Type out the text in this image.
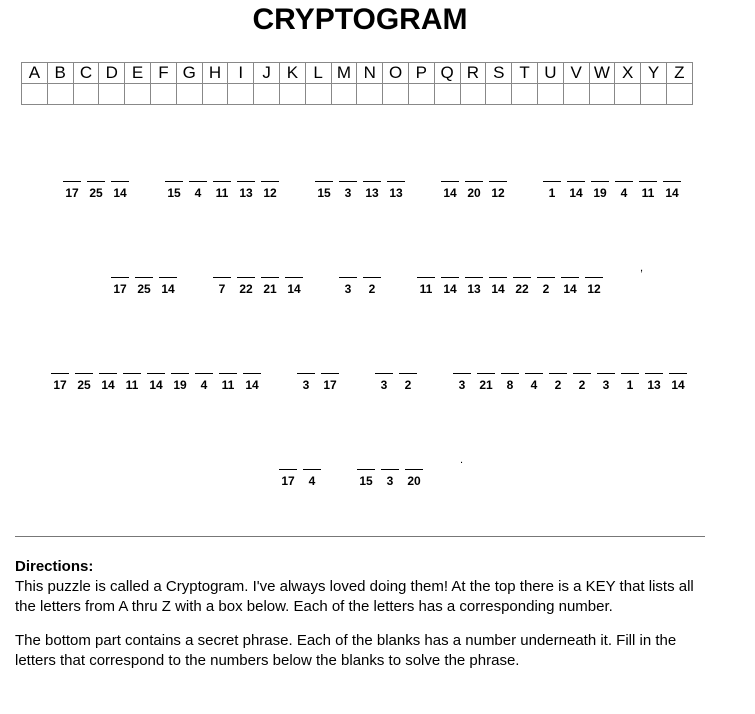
CRYPTOGRAM
A	B	C	D	E	F	G	H	I	J	K	L	M	N	O	P	Q	R	S	T	U	V	W	X	Y	Z

17 25 14	15 4 11 13 12	15 3 13 13	14 20 12	1 14 19 4 11 14
17 25 14	7 22 21 14	3 2	11 14 13 14 22 2 14 12
,
17 25 14 11 14 19 4 11 14	3 17	3 2	3 21 8 4 2 2 3 1 13 14
17 4	15 3 20
.
Directions:

This puzzle is called a Cryptogram. I've always loved doing them! At the top there is a KEY that lists all the letters from A thru Z with a box below. Each of the letters has a corresponding number.

The bottom part contains a secret phrase. Each of the blanks has a number underneath it. Fill in the letters that correspond to the numbers below the blanks to solve the phrase.
